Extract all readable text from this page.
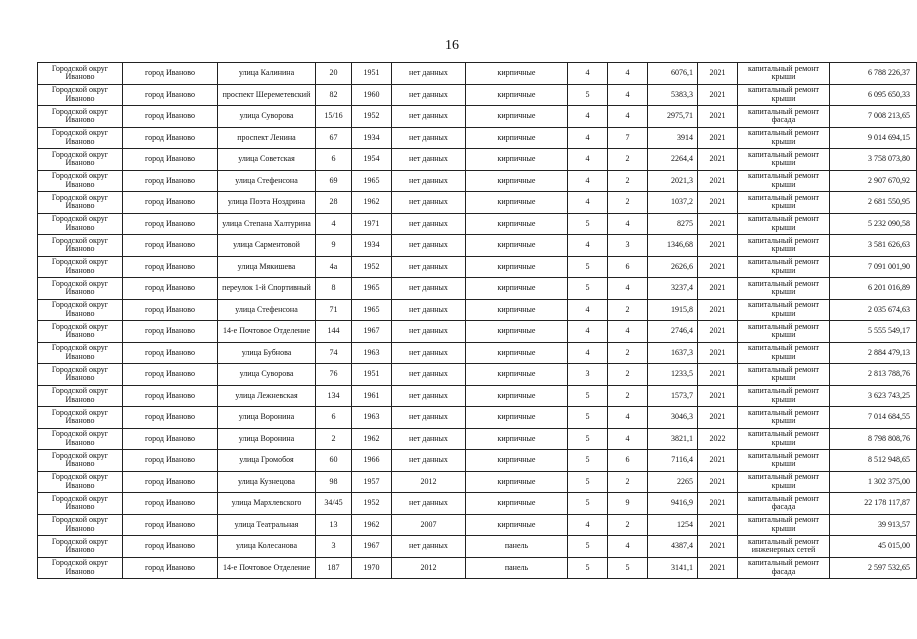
16
Городской округ Иваново	город Иваново	улица Калинина	20	1951	нет данных	кирпичные	4	4	6076,1	2021	капитальный ремонт крыши	6 788 226,37
Городской округ Иваново	город Иваново	проспект Шереметевский	82	1960	нет данных	кирпичные	5	4	5383,3	2021	капитальный ремонт крыши	6 095 650,33
Городской округ Иваново	город Иваново	улица Суворова	15/16	1952	нет данных	кирпичные	4	4	2975,71	2021	капитальный ремонт фасада	7 008 213,65
Городской округ Иваново	город Иваново	проспект Ленина	67	1934	нет данных	кирпичные	4	7	3914	2021	капитальный ремонт крыши	9 014 694,15
Городской округ Иваново	город Иваново	улица Советская	6	1954	нет данных	кирпичные	4	2	2264,4	2021	капитальный ремонт крыши	3 758 073,80
Городской округ Иваново	город Иваново	улица Стефенсона	69	1965	нет данных	кирпичные	4	2	2021,3	2021	капитальный ремонт крыши	2 907 670,92
Городской округ Иваново	город Иваново	улица Поэта Ноздрина	28	1962	нет данных	кирпичные	4	2	1037,2	2021	капитальный ремонт крыши	2 681 550,95
Городской округ Иваново	город Иваново	улица Степана Халтурина	4	1971	нет данных	кирпичные	5	4	8275	2021	капитальный ремонт крыши	5 232 090,58
Городской округ Иваново	город Иваново	улица Сарментовой	9	1934	нет данных	кирпичные	4	3	1346,68	2021	капитальный ремонт крыши	3 581 626,63
Городской округ Иваново	город Иваново	улица Мякишева	4а	1952	нет данных	кирпичные	5	6	2626,6	2021	капитальный ремонт крыши	7 091 001,90
Городской округ Иваново	город Иваново	переулок 1-й Спортивный	8	1965	нет данных	кирпичные	5	4	3237,4	2021	капитальный ремонт крыши	6 201 016,89
Городской округ Иваново	город Иваново	улица Стефенсона	71	1965	нет данных	кирпичные	4	2	1915,8	2021	капитальный ремонт крыши	2 035 674,63
Городской округ Иваново	город Иваново	14-е Почтовое Отделение	144	1967	нет данных	кирпичные	4	4	2746,4	2021	капитальный ремонт крыши	5 555 549,17
Городской округ Иваново	город Иваново	улица Бубнова	74	1963	нет данных	кирпичные	4	2	1637,3	2021	капитальный ремонт крыши	2 884 479,13
Городской округ Иваново	город Иваново	улица Суворова	76	1951	нет данных	кирпичные	3	2	1233,5	2021	капитальный ремонт крыши	2 813 788,76
Городской округ Иваново	город Иваново	улица Лежневская	134	1961	нет данных	кирпичные	5	2	1573,7	2021	капитальный ремонт крыши	3 623 743,25
Городской округ Иваново	город Иваново	улица Воронина	6	1963	нет данных	кирпичные	5	4	3046,3	2021	капитальный ремонт крыши	7 014 684,55
Городской округ Иваново	город Иваново	улица Воронина	2	1962	нет данных	кирпичные	5	4	3821,1	2022	капитальный ремонт крыши	8 798 808,76
Городской округ Иваново	город Иваново	улица Громобоя	60	1966	нет данных	кирпичные	5	6	7116,4	2021	капитальный ремонт крыши	8 512 948,65
Городской округ Иваново	город Иваново	улица Кузнецова	98	1957	2012	кирпичные	5	2	2265	2021	капитальный ремонт крыши	1 302 375,00
Городской округ Иваново	город Иваново	улица Мархлевского	34/45	1952	нет данных	кирпичные	5	9	9416,9	2021	капитальный ремонт фасада	22 178 117,87
Городской округ Иваново	город Иваново	улица Театральная	13	1962	2007	кирпичные	4	2	1254	2021	капитальный ремонт крыши	39 913,57
Городской округ Иваново	город Иваново	улица Колесанова	3	1967	нет данных	панель	5	4	4387,4	2021	капитальный ремонт инженерных сетей	45 015,00
Городской округ Иваново	город Иваново	14-е Почтовое Отделение	187	1970	2012	панель	5	5	3141,1	2021	капитальный ремонт фасада	2 597 532,65
